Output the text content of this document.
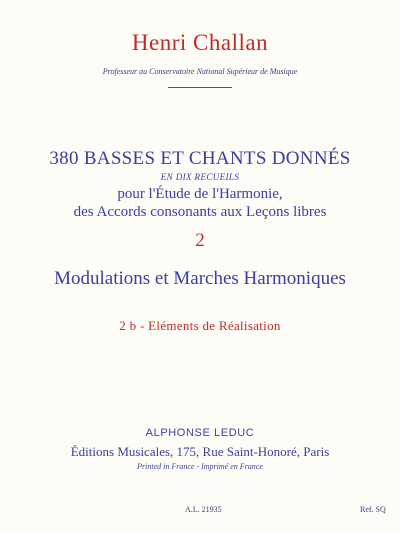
Henri Challan
Professeur au Conservatoire National Supérieur de Musique
380 BASSES ET CHANTS DONNÉS
EN DIX RECUEILS
pour l'Étude de l'Harmonie,
des Accords consonants aux Leçons libres
2
Modulations et Marches Harmoniques
2 b - Eléments de Réalisation
ALPHONSE LEDUC
Éditions Musicales, 175, Rue Saint-Honoré, Paris
Printed in France - Imprimé en France
A.L. 21935	Ref. SQ
